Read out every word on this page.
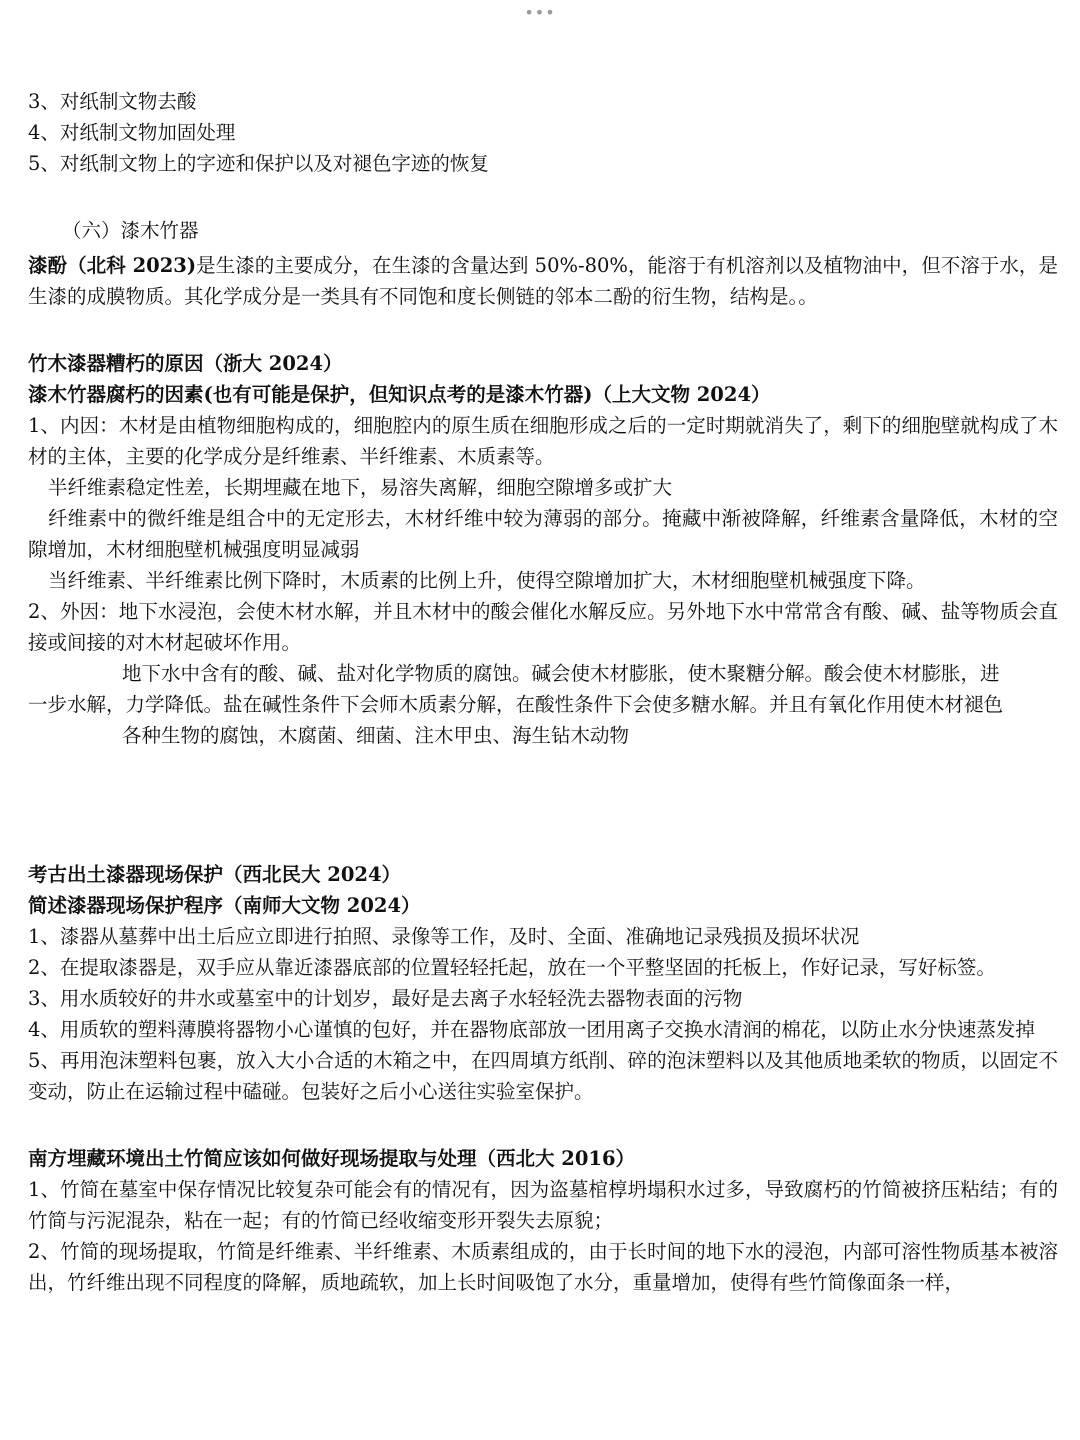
•••
3、对纸制文物去酸
4、对纸制文物加固处理
5、对纸制文物上的字迹和保护以及对褪色字迹的恢复
（六）漆木竹器
漆酚（北科 2023)是生漆的主要成分，在生漆的含量达到 50%-80%，能溶于有机溶剂以及植物油中，但不溶于水，是生漆的成膜物质。其化学成分是一类具有不同饱和度长侧链的邻本二酚的衍生物，结构是。。
竹木漆器糟朽的原因（浙大 2024）
漆木竹器腐朽的因素(也有可能是保护，但知识点考的是漆木竹器)（上大文物 2024）
1、内因：木材是由植物细胞构成的，细胞腔内的原生质在细胞形成之后的一定时期就消失了，剩下的细胞壁就构成了木材的主体，主要的化学成分是纤维素、半纤维素、木质素等。
半纤维素稳定性差，长期埋藏在地下，易溶失离解，细胞空隙增多或扩大
纤维素中的微纤维是组合中的无定形去，木材纤维中较为薄弱的部分。掩藏中渐被降解，纤维素含量降低，木材的空隙增加，木材细胞壁机械强度明显减弱
当纤维素、半纤维素比例下降时，木质素的比例上升，使得空隙增加扩大，木材细胞壁机械强度下降。
2、外因：地下水浸泡，会使木材水解，并且木材中的酸会催化水解反应。另外地下水中常常含有酸、碱、盐等物质会直接或间接的对木材起破坏作用。
地下水中含有的酸、碱、盐对化学物质的腐蚀。碱会使木材膨胀，使木聚糖分解。酸会使木材膨胀，进
一步水解，力学降低。盐在碱性条件下会师木质素分解，在酸性条件下会使多糖水解。并且有氧化作用使木材褪色
各种生物的腐蚀，木腐菌、细菌、注木甲虫、海生钻木动物
考古出土漆器现场保护（西北民大 2024）
简述漆器现场保护程序（南师大文物 2024）
1、漆器从墓葬中出土后应立即进行拍照、录像等工作，及时、全面、准确地记录残损及损坏状况
2、在提取漆器是，双手应从靠近漆器底部的位置轻轻托起，放在一个平整坚固的托板上，作好记录，写好标签。
3、用水质较好的井水或墓室中的计划岁，最好是去离子水轻轻洗去器物表面的污物
4、用质软的塑料薄膜将器物小心谨慎的包好，并在器物底部放一团用离子交换水清润的棉花，以防止水分快速蒸发掉
5、再用泡沫塑料包裹，放入大小合适的木箱之中，在四周填方纸削、碎的泡沫塑料以及其他质地柔软的物质，以固定不变动，防止在运输过程中磕碰。包装好之后小心送往实验室保护。
南方埋藏环境出土竹简应该如何做好现场提取与处理（西北大 2016）
1、竹简在墓室中保存情况比较复杂可能会有的情况有，因为盗墓棺椁坍塌积水过多，导致腐朽的竹简被挤压粘结；有的竹简与污泥混杂，粘在一起；有的竹简已经收缩变形开裂失去原貌；
2、竹简的现场提取，竹简是纤维素、半纤维素、木质素组成的，由于长时间的地下水的浸泡，内部可溶性物质基本被溶出，竹纤维出现不同程度的降解，质地疏软，加上长时间吸饱了水分，重量增加，使得有些竹简像面条一样，
